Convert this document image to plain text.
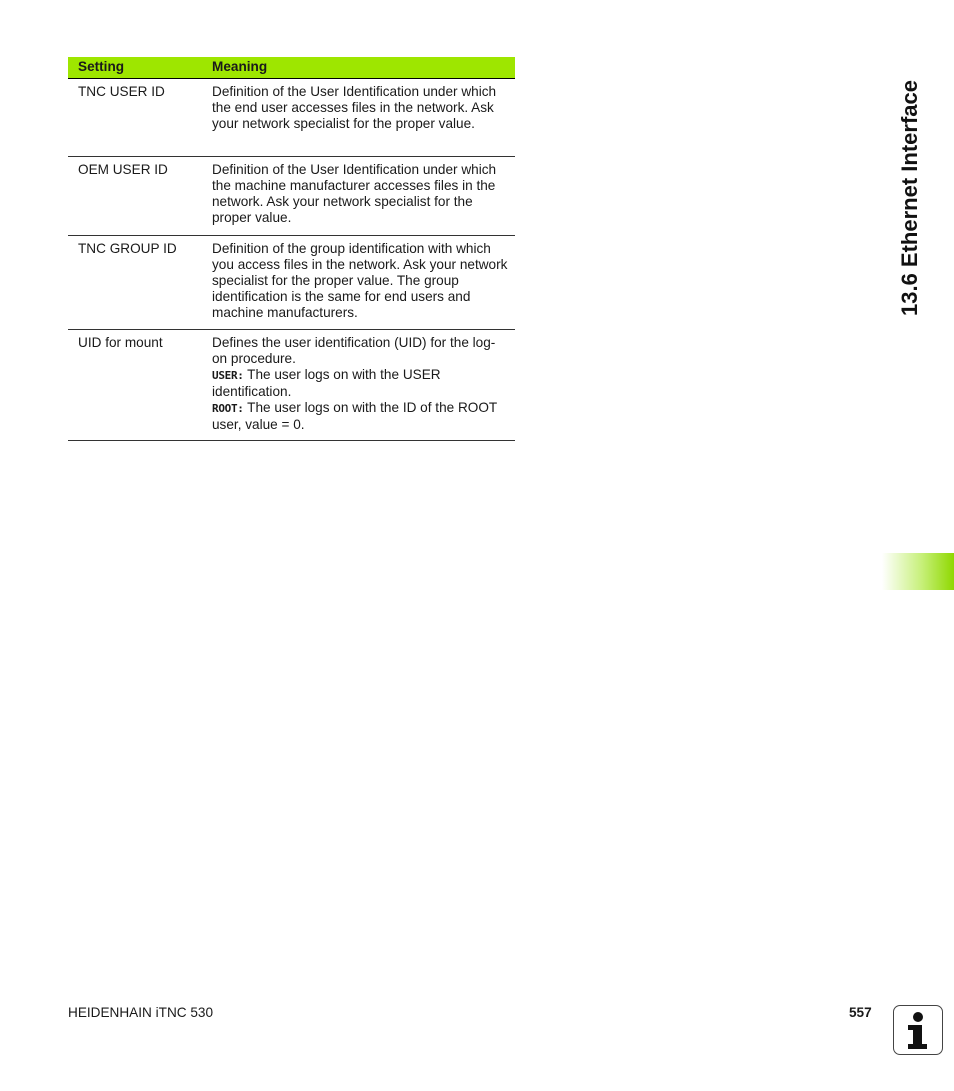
Setting	Meaning
TNC USER ID	Definition of the User Identification under which the end user accesses files in the network. Ask your network specialist for the proper value.
OEM USER ID	Definition of the User Identification under which the machine manufacturer accesses files in the network. Ask your network specialist for the proper value.
TNC GROUP ID	Definition of the group identification with which you access files in the network. Ask your network specialist for the proper value. The group identification is the same for end users and machine manufacturers.
UID for mount	Defines the user identification (UID) for the log-on procedure.
USER: The user logs on with the USER identification.
ROOT: The user logs on with the ID of the ROOT user, value = 0.
13.6 Ethernet Interface
HEIDENHAIN iTNC 530	557
